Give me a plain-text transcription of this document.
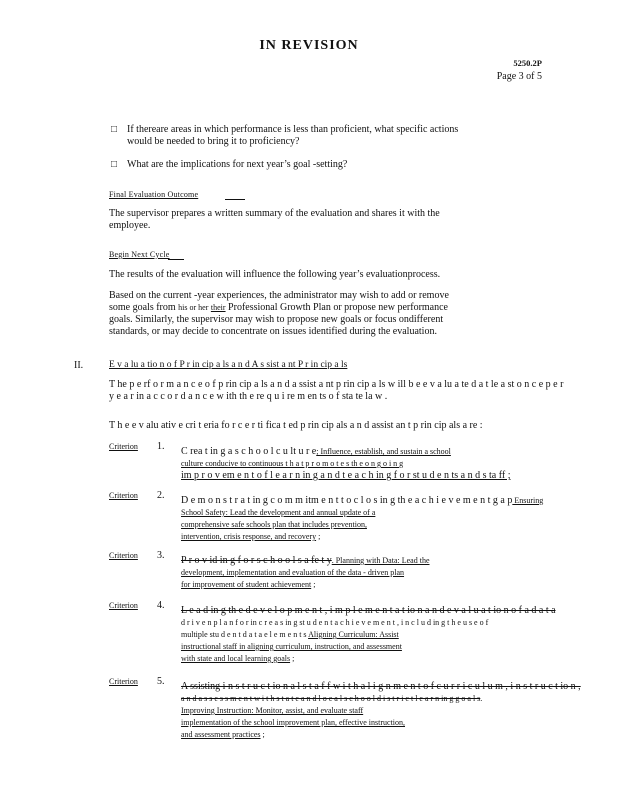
IN REVISION
5250.2P
Page 3 of 5
□ If thereare areas in which performance is less than proficient, what specific actions
would be needed to bring it to proficiency?
□ What are the implications for next year’s goal -setting?
Final Evaluation Outcome
The supervisor prepares a written summary of the evaluation and shares it with the
employee.
Begin Next Cycle
The results of the evaluation will influence the following year’s evaluationprocess.
Based on the current -year experiences, the administrator may wish to add or remove
some goals from his or her their Professional Growth Plan or propose new performance
goals. Similarly, the supervisor may wish to propose new goals or focus ondifferent
standards, or may decide to concentrate on issues identified during the evaluation.
II.	E v a lu a tio n o f P r in cip a ls a n d A s sist a nt P r in cip a ls
T he p e rf o r m a n c e o f p rin cip a ls a n d a ssist a nt p rin cip a ls w ill b e e v a lu a te d a t le a st o n c e p e r
y e a r in a c c o r d a n c e w ith th e re q u i re m en ts o f sta te la w .
T h e e v alu ativ e cri t eria fo r c e r ti fica t ed p rin cip als a n d assist an t p rin cip als a re :
Criterion 1. C rea t in g a s c h o o l c u lt u r e; Influence, establish, and sustain a school
culture conducive to continuous t h a t p r o m o t e s th e o n g o i n g
im p r o v em e n t o f l e a r n in g a n d t e a c h in g f o r st u d e n ts a n d s ta ff ;
Criterion 2. D e m o n s t r a t in g c o m m itm e n t t o c l o s in g th e a c h i e v e m e n t g a p Ensuring
School Safety: Lead the development and annual update of a
comprehensive safe schools plan that includes prevention,
intervention, crisis response, and recovery ;
Criterion 3. P r o v id in g f o r s c h o o l s a fe t y. Planning with Data: Lead the
development, implementation and evaluation of the data - driven plan
for improvement of student achievement ;
Criterion 4. L e a d in g th e d e v e l o p m e n t , i m p l e m e n t a t io n a n d e v a l u a t io n o f a d a t a
d r i v e n p l a n f o r in c r e a s in g st u d e n t a c h i e v e m e n t , i n c l u d in g t h e u s e o f
multiple stu d e n t d a t a e l e m e n t s Aligning Curriculum: Assist
instructional staff in aligning curriculum, instruction, and assessment
with state and local learning goals ;
Criterion 5. A ssisting i n s t r u c t io n a l s t a f f w i t h a l i g n m e n t o f c u r r i c u l u m , i n s t r u c t io n ,
a n d a s s e s s m e n t w i t h s t a t e a n d l o c a l s c h o o l d i s t r i c t l e a r n in g g o a l s.
Improving Instruction: Monitor, assist, and evaluate staff
implementation of the school improvement plan, effective instruction,
and assessment practices ;
